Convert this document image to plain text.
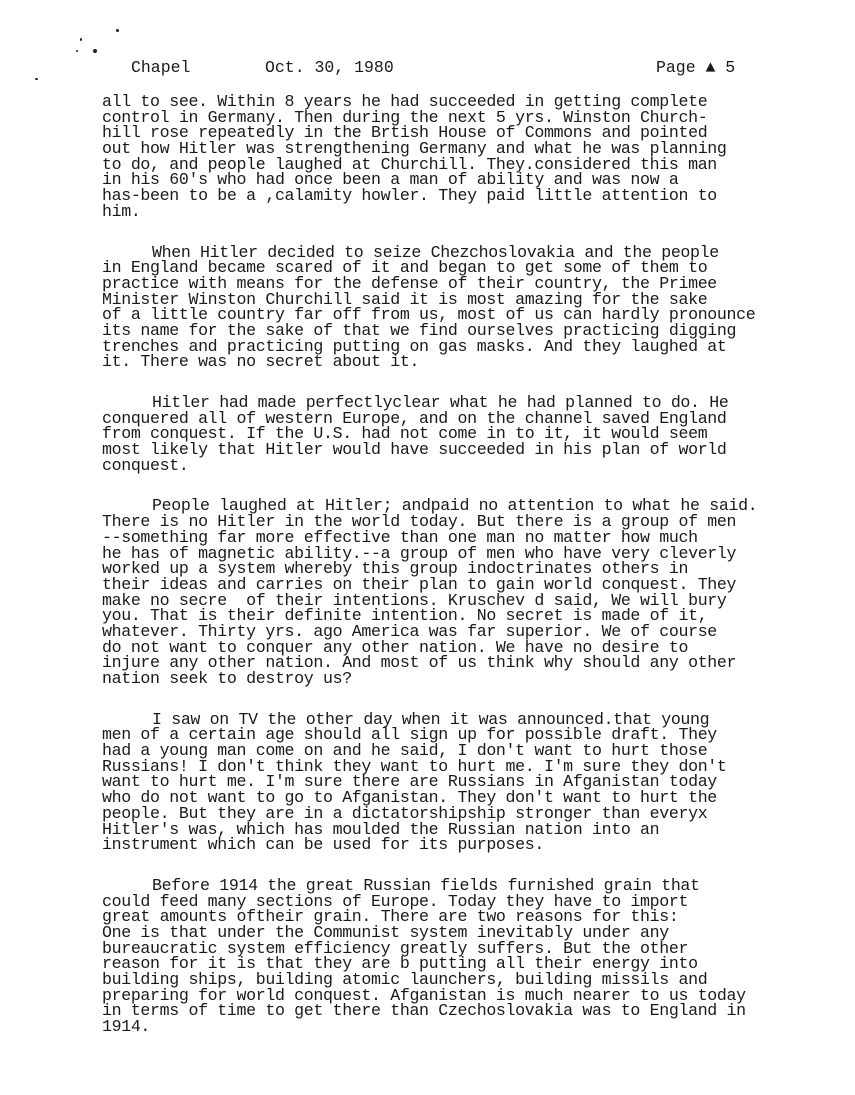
Chapel	Oct. 30, 1980	Page ▲ 5
all to see. Within 8 years he had succeeded in getting complete
control in Germany. Then during the next 5 yrs. Winston Church-
hill rose repeatedly in the Brtish House of Commons and pointed
out how Hitler was strengthening Germany and what he was planning
to do, and people laughed at Churchill. They.considered this man
in his 60's who had once been a man of ability and was now a
has-been to be a ,calamity howler. They paid little attention to
him.
When Hitler decided to seize Chezchoslovakia and the people
in England became scared of it and began to get some of them to
practice with means for the defense of their country, the Primee
Minister Winston Churchill said it is most amazing for the sake
of a little country far off from us, most of us can hardly pronounce
its name for the sake of that we find ourselves practicing digging
trenches and practicing putting on gas masks. And they laughed at
it. There was no secret about it.
Hitler had made perfectlyclear what he had planned to do. He
conquered all of western Europe, and on the channel saved England
from conquest. If the U.S. had not come in to it, it would seem
most likely that Hitler would have succeeded in his plan of world
conquest.
People laughed at Hitler; andpaid no attention to what he said.
There is no Hitler in the world today. But there is a group of men
--something far more effective than one man no matter how much
he has of magnetic ability.--a group of men who have very cleverly
worked up a system whereby this group indoctrinates others in
their ideas and carries on their plan to gain world conquest. They
make no secre  of their intentions. Kruschev d said, We will bury
you. That is their definite intention. No secret is made of it,
whatever. Thirty yrs. ago America was far superior. We of course
do not want to conquer any other nation. We have no desire to
injure any other nation. And most of us think why should any other
nation seek to destroy us?
I saw on TV the other day when it was announced.that young
men of a certain age should all sign up for possible draft. They
had a young man come on and he said, I don't want to hurt those
Russians! I don't think they want to hurt me. I'm sure they don't
want to hurt me. I'm sure there are Russians in Afganistan today
who do not want to go to Afganistan. They don't want to hurt the
people. But they are in a dictatorshipship stronger than everyx
Hitler's was, which has moulded the Russian nation into an
instrument which can be used for its purposes.
Before 1914 the great Russian fields furnished grain that
could feed many sections of Europe. Today they have to import
great amounts oftheir grain. There are two reasons for this:
One is that under the Communist system inevitably under any
bureaucratic system efficiency greatly suffers. But the other
reason for it is that they are b putting all their energy into
building ships, building atomic launchers, building missils and
preparing for world conquest. Afganistan is much nearer to us today
in terms of time to get there than Czechoslovakia was to England in
1914.
